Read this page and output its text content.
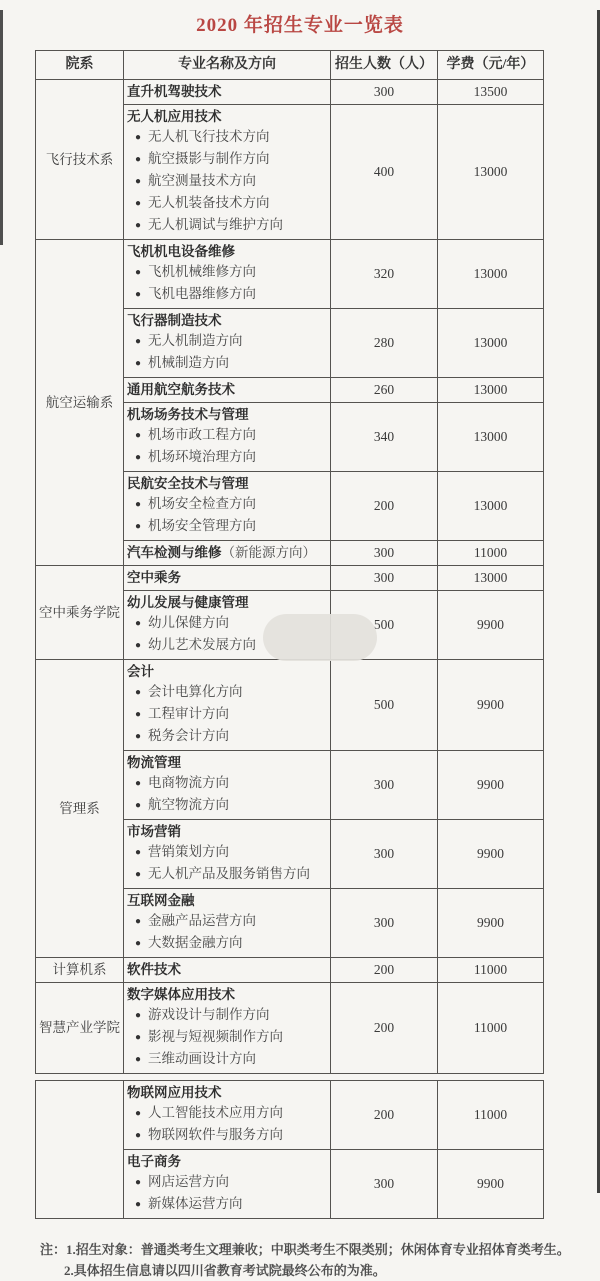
2020 年招生专业一览表
院系	专业名称及方向	招生人数（人）	学费（元/年）
飞行技术系	直升机驾驶技术	300	13500

无人机应用技术
● 无人机飞行技术方向
● 航空摄影与制作方向
● 航空测量技术方向
● 无人机装备技术方向
● 无人机调试与维护方向
	400	13000
航空运输系	飞机机电设备维修
● 飞机机械维修方向
● 飞机电器维修方向	320	13000

	飞行器制造技术
● 无人机制造方向
● 机械制造方向	280	13000

	通用航空航务技术	260	13000

	机场场务技术与管理
● 机场市政工程方向
● 机场环境治理方向	340	13000

	民航安全技术与管理
● 机场安全检查方向
● 机场安全管理方向	200	13000

	汽车检测与维修（新能源方向）	300	11000
空中乘务学院	空中乘务	300	13000

	幼儿发展与健康管理
● 幼儿保健方向
● 幼儿艺术发展方向	500	9900
管理系	会计
● 会计电算化方向
● 工程审计方向
● 税务会计方向	500	9900

	物流管理
● 电商物流方向
● 航空物流方向	300	9900

	市场营销
● 营销策划方向
● 无人机产品及服务销售方向	300	9900

	互联网金融
● 金融产品运营方向
● 大数据金融方向	300	9900
计算机系	软件技术	200	11000
智慧产业学院	数字媒体应用技术
● 游戏设计与制作方向
● 影视与短视频制作方向
● 三维动画设计方向	200	11000

	物联网应用技术
● 人工智能技术应用方向
● 物联网软件与服务方向	200	11000

	电子商务
● 网店运营方向
● 新媒体运营方向	300	9900
注：1.招生对象：普通类考生文理兼收；中职类考生不限类别；休闲体育专业招体育类考生。
2.具体招生信息请以四川省教育考试院最终公布的为准。
